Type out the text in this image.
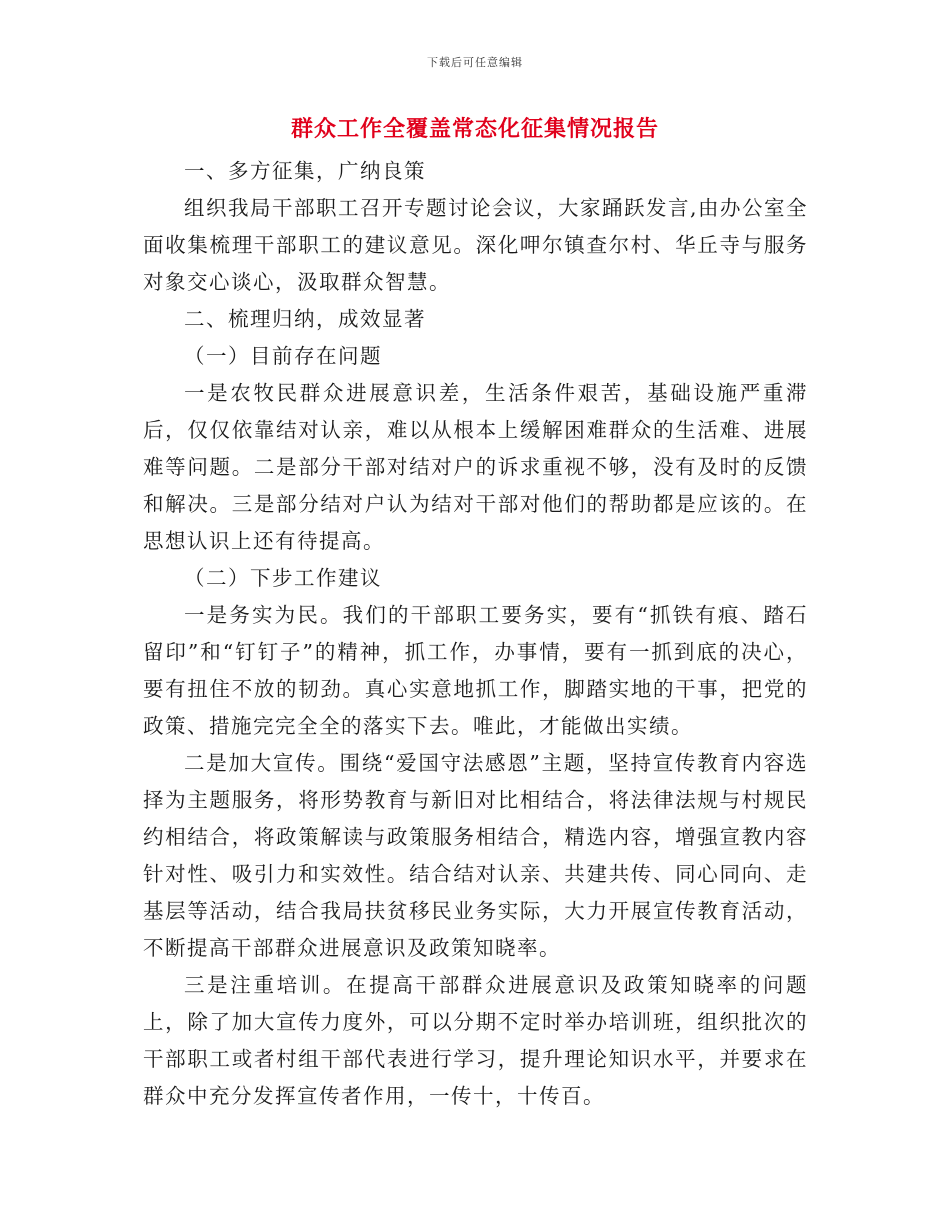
下载后可任意编辑
群众工作全覆盖常态化征集情况报告

一、多方征集，广纳良策

组织我局干部职工召开专题讨论会议，大家踊跃发言,由办公室全面收集梳理干部职工的建议意见。深化呷尔镇查尔村、华丘寺与服务对象交心谈心，汲取群众智慧。

二、梳理归纳，成效显著

（一）目前存在问题

一是农牧民群众进展意识差，生活条件艰苦，基础设施严重滞后，仅仅依靠结对认亲，难以从根本上缓解困难群众的生活难、进展难等问题。二是部分干部对结对户的诉求重视不够，没有及时的反馈和解决。三是部分结对户认为结对干部对他们的帮助都是应该的。在思想认识上还有待提高。

（二）下步工作建议

一是务实为民。我们的干部职工要务实，要有“抓铁有痕、踏石留印”和“钉钉子”的精神，抓工作，办事情，要有一抓到底的决心，要有扭住不放的韧劲。真心实意地抓工作，脚踏实地的干事，把党的政策、措施完完全全的落实下去。唯此，才能做出实绩。

二是加大宣传。围绕“爱国守法感恩”主题，坚持宣传教育内容选择为主题服务，将形势教育与新旧对比相结合，将法律法规与村规民约相结合，将政策解读与政策服务相结合，精选内容，增强宣教内容针对性、吸引力和实效性。结合结对认亲、共建共传、同心同向、走基层等活动，结合我局扶贫移民业务实际，大力开展宣传教育活动，不断提高干部群众进展意识及政策知晓率。

三是注重培训。在提高干部群众进展意识及政策知晓率的问题上，除了加大宣传力度外，可以分期不定时举办培训班，组织批次的干部职工或者村组干部代表进行学习，提升理论知识水平，并要求在群众中充分发挥宣传者作用，一传十，十传百。
